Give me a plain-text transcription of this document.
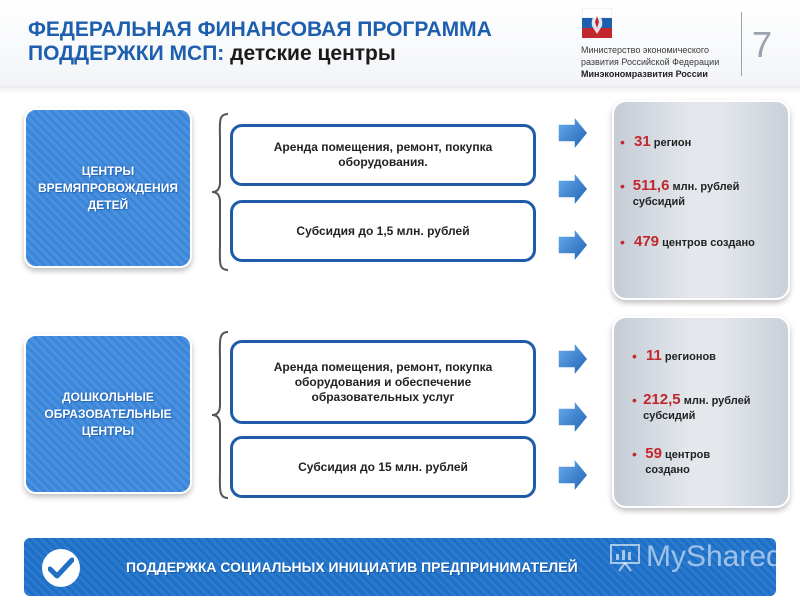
ФЕДЕРАЛЬНАЯ ФИНАНСОВАЯ ПРОГРАММА
ПОДДЕРЖКИ МСП: детские центры	Министерство экономического
развития Российской Федерации
Минэкономразвития России
7
ЦЕНТРЫ ВРЕМЯПРОВОЖДЕНИЯ ДЕТЕЙ
Аренда помещения, ремонт, покупка оборудования.
Субсидия до 1,5 млн. рублей
• 31 регион
• 511,6 млн. рублей субсидий
• 479 центров создано
ДОШКОЛЬНЫЕ ОБРАЗОВАТЕЛЬНЫЕ ЦЕНТРЫ
Аренда помещения, ремонт, покупка оборудования и обеспечение образовательных услуг
Субсидия до 15 млн. рублей
• 11 регионов
• 212,5 млн. рублей субсидий
• 59 центров создано
ПОДДЕРЖКА СОЦИАЛЬНЫХ ИНИЦИАТИВ ПРЕДПРИНИМАТЕЛЕЙ MyShared
